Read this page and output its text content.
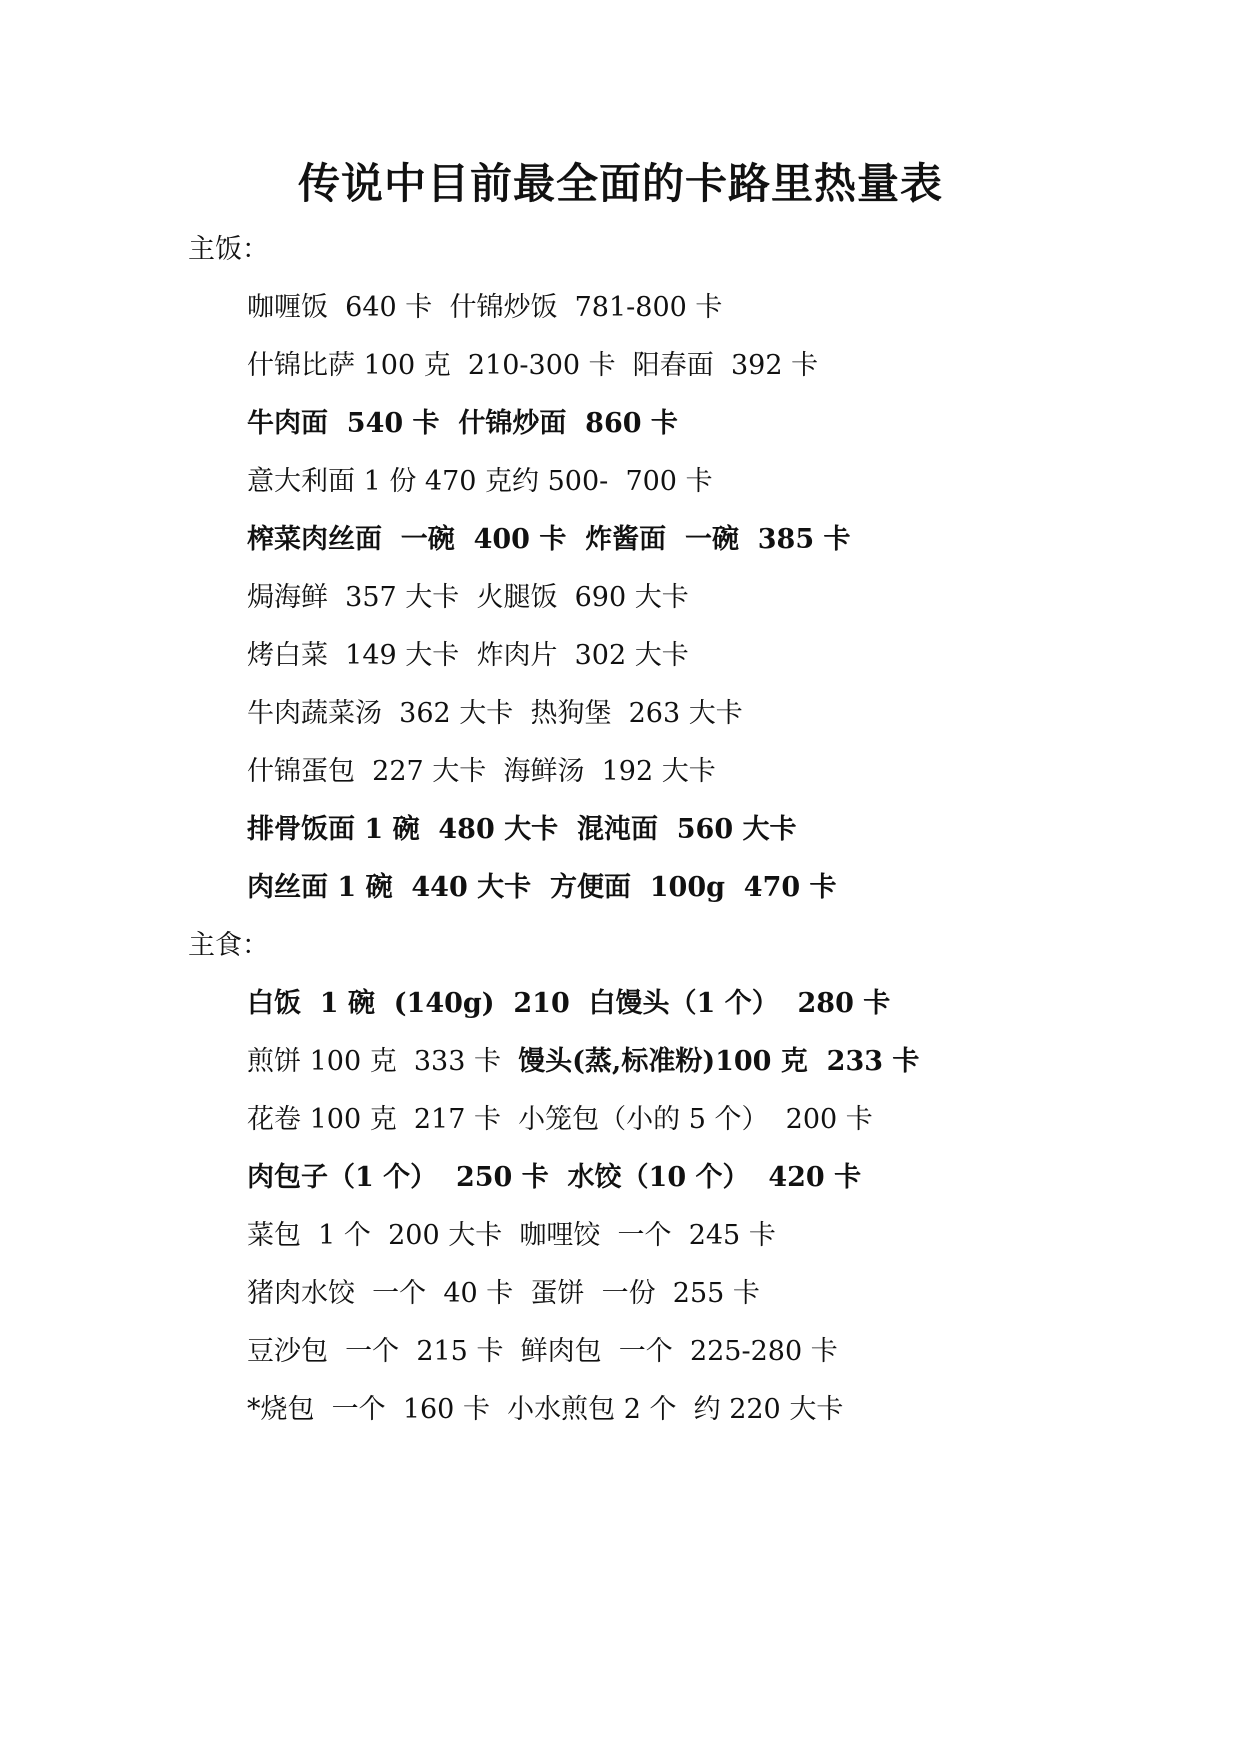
传说中目前最全面的卡路里热量表
主饭：
咖喱饭  640 卡  什锦炒饭  781-800 卡
什锦比萨 100 克  210-300 卡  阳春面  392 卡
牛肉面  540 卡  什锦炒面  860 卡
意大利面 1 份 470 克约 500-  700 卡
榨菜肉丝面  一碗  400 卡  炸酱面  一碗  385 卡
焗海鲜  357 大卡  火腿饭  690 大卡
烤白菜  149 大卡  炸肉片  302 大卡
牛肉蔬菜汤  362 大卡  热狗堡  263 大卡
什锦蛋包  227 大卡  海鲜汤  192 大卡
排骨饭面 1 碗  480 大卡  混沌面  560 大卡
肉丝面 1 碗  440 大卡  方便面  100g  470 卡
主食：
白饭  1 碗  (140g)  210  白馒头（1 个）  280 卡
煎饼 100 克  333 卡  馒头(蒸,标准粉)100 克  233 卡
花卷 100 克  217 卡  小笼包（小的 5 个）  200 卡
肉包子（1 个）  250 卡  水饺（10 个）  420 卡
菜包  1 个  200 大卡  咖哩饺  一个  245 卡
猪肉水饺  一个  40 卡  蛋饼  一份  255 卡
豆沙包  一个  215 卡  鲜肉包  一个  225-280 卡
*烧包  一个  160 卡  小水煎包 2 个  约 220 大卡
